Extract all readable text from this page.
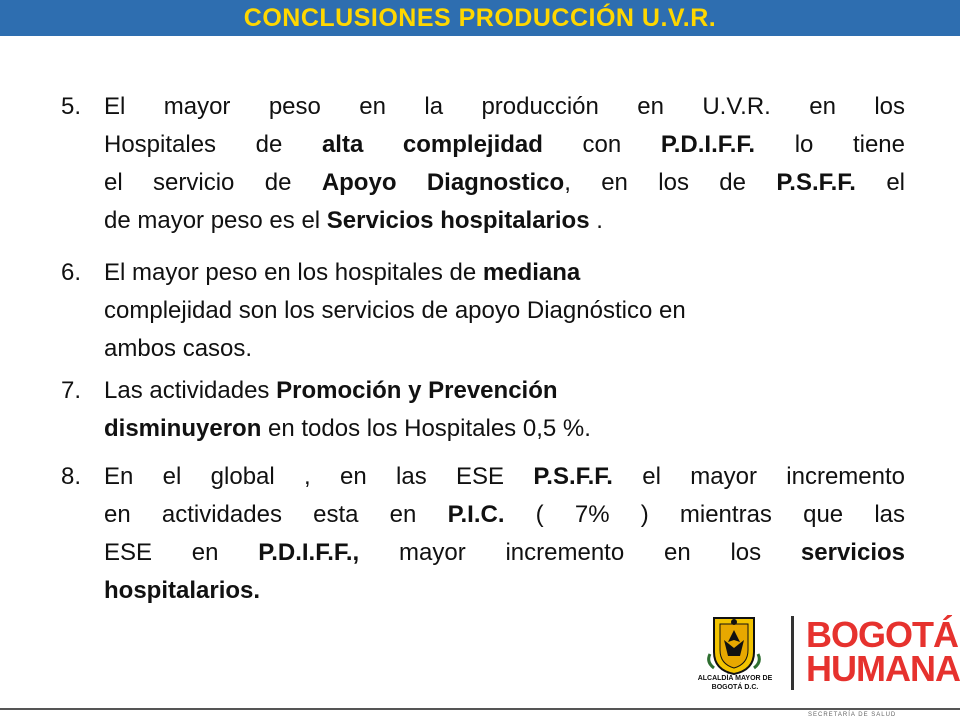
CONCLUSIONES PRODUCCIÓN U.V.R.
5. El mayor peso en la producción en U.V.R. en los
Hospitales de alta complejidad con P.D.I.F.F. lo tiene
el servicio de Apoyo Diagnostico, en los de P.S.F.F. el
de mayor peso es el Servicios hospitalarios .
6. El mayor peso en los hospitales de mediana
complejidad son los servicios de apoyo Diagnóstico en
ambos casos.
7. Las actividades Promoción y Prevención
disminuyeron en todos los Hospitales 0,5 %.
8. En el global , en las ESE P.S.F.F. el mayor incremento
en actividades esta en P.I.C. ( 7% ) mientras que las
ESE en P.D.I.F.F., mayor incremento en los servicios
hospitalarios.
ALCALDÍA MAYOR DE BOGOTÁ D.C.
BOGOTÁ
HUMANA
SECRETARÍA DE SALUD
